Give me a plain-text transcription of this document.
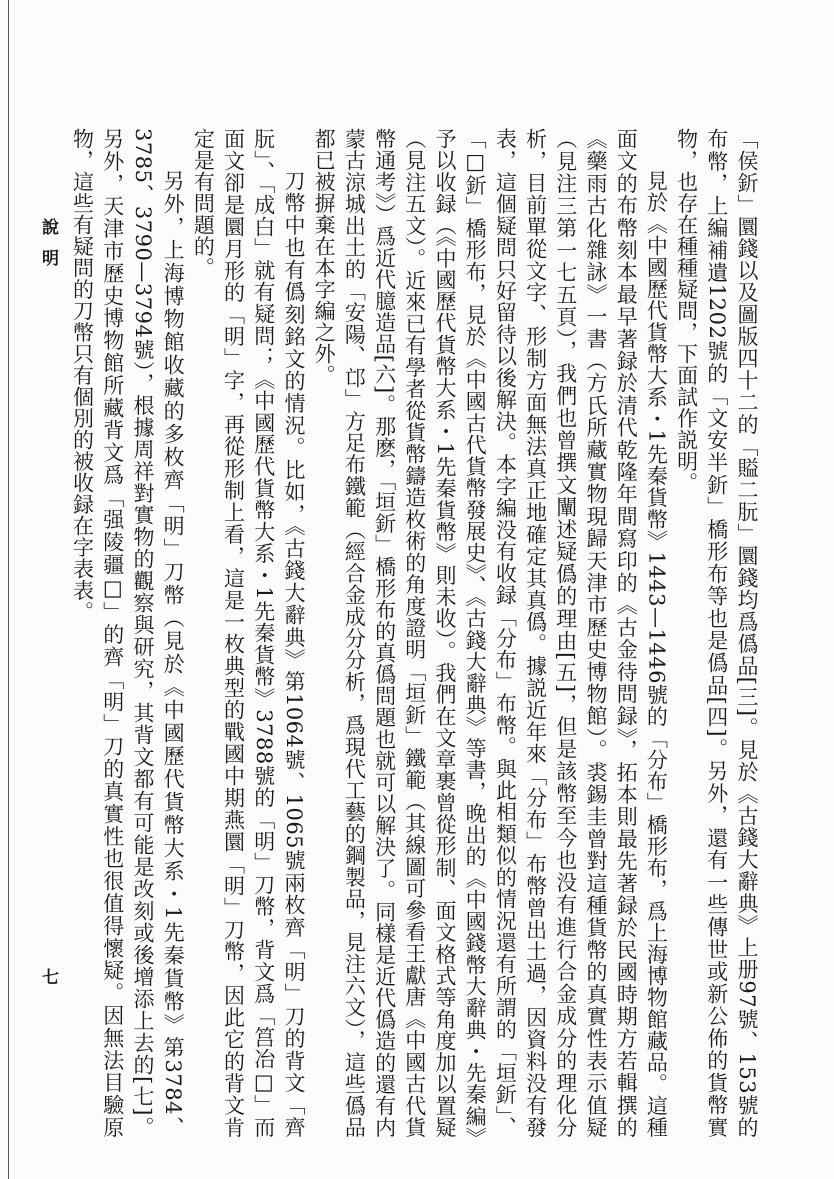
「侯釿」圜錢以及圖版四十二的「賹二朊」圜錢均爲僞品[三]。見於《古錢大辭典》上册97號、153號的布幣，上編補遺1202號的「文安半釿」橋形布等也是僞品[四]。另外，還有一些傳世或新公佈的貨幣實物，也存在種種疑問，下面試作説明。

見於《中國歷代貨幣大系・1先秦貨幣》1443—1446號的「分布」橋形布，爲上海博物館藏品。這種面文的布幣刻本最早著録於清代乾隆年間寫印的《古金待問録》，拓本則最先著録於民國時期方若輯撰的《藥雨古化雜詠》一書（方氏所藏實物現歸天津市歷史博物館）。裘錫圭曾對這種貨幣的真實性表示值疑（見注三第一七五頁），我們也曾撰文闡述疑僞的理由[五]，但是該幣至今也没有進行合金成分的理化分析，目前單從文字、形制方面無法真正地確定其真僞。據説近年來「分布」布幣曾出土過，因資料没有發表，這個疑問只好留待以後解決。本字編没有收録「分布」布幣。與此相類似的情況還有所謂的「垣釿」、「□釿」橋形布，見於《中國古代貨幣發展史》、《古錢大辭典》等書，晚出的《中國錢幣大辭典・先秦編》予以收録（《中國歷代貨幣大系・1先秦貨幣》則未收）。我們在文章裹曾從形制、面文格式等角度加以置疑（見注五文）。近來已有學者從貨幣鑄造枚術的角度證明「垣釿」鐵範（其線圖可參看王獻唐《中國古代貨幣通考》）爲近代臆造品[六]。那麽，「垣釿」橋形布的真僞問題也就可以解決了。同樣是近代僞造的還有内蒙古涼城出土的「安陽、邙」方足布鐵範（經合金成分分析，爲現代工藝的鋼製品，見注六文），這些僞品都已被摒棄在本字編之外。

刀幣中也有僞刻銘文的情況。比如，《古錢大辭典》第1064號、1065號兩枚齊「明」刀的背文「齊朊」、「成白」就有疑問；《中國歷代貨幣大系・1先秦貨幣》3788號的「明」刀幣，背文爲「筥冶□」而面文卻是圜月形的「明」字，再從形制上看，這是一枚典型的戰國中期燕圜「明」刀幣，因此它的背文肯定是有問題的。

另外，上海博物館收藏的多枚齊「明」刀幣（見於《中國歷代貨幣大系・1先秦貨幣》第3784、3785、3790—3794號），根據周祥對實物的觀察與研究，其背文都有可能是改刻或後增添上去的[七]。另外，天津市歷史博物館所藏背文爲「强陵疆□」的齊「明」刀的真實性也很值得懷疑。因無法目驗原物，這些有疑問的刀幣只有個別的被收録在字表表。

說明
七
